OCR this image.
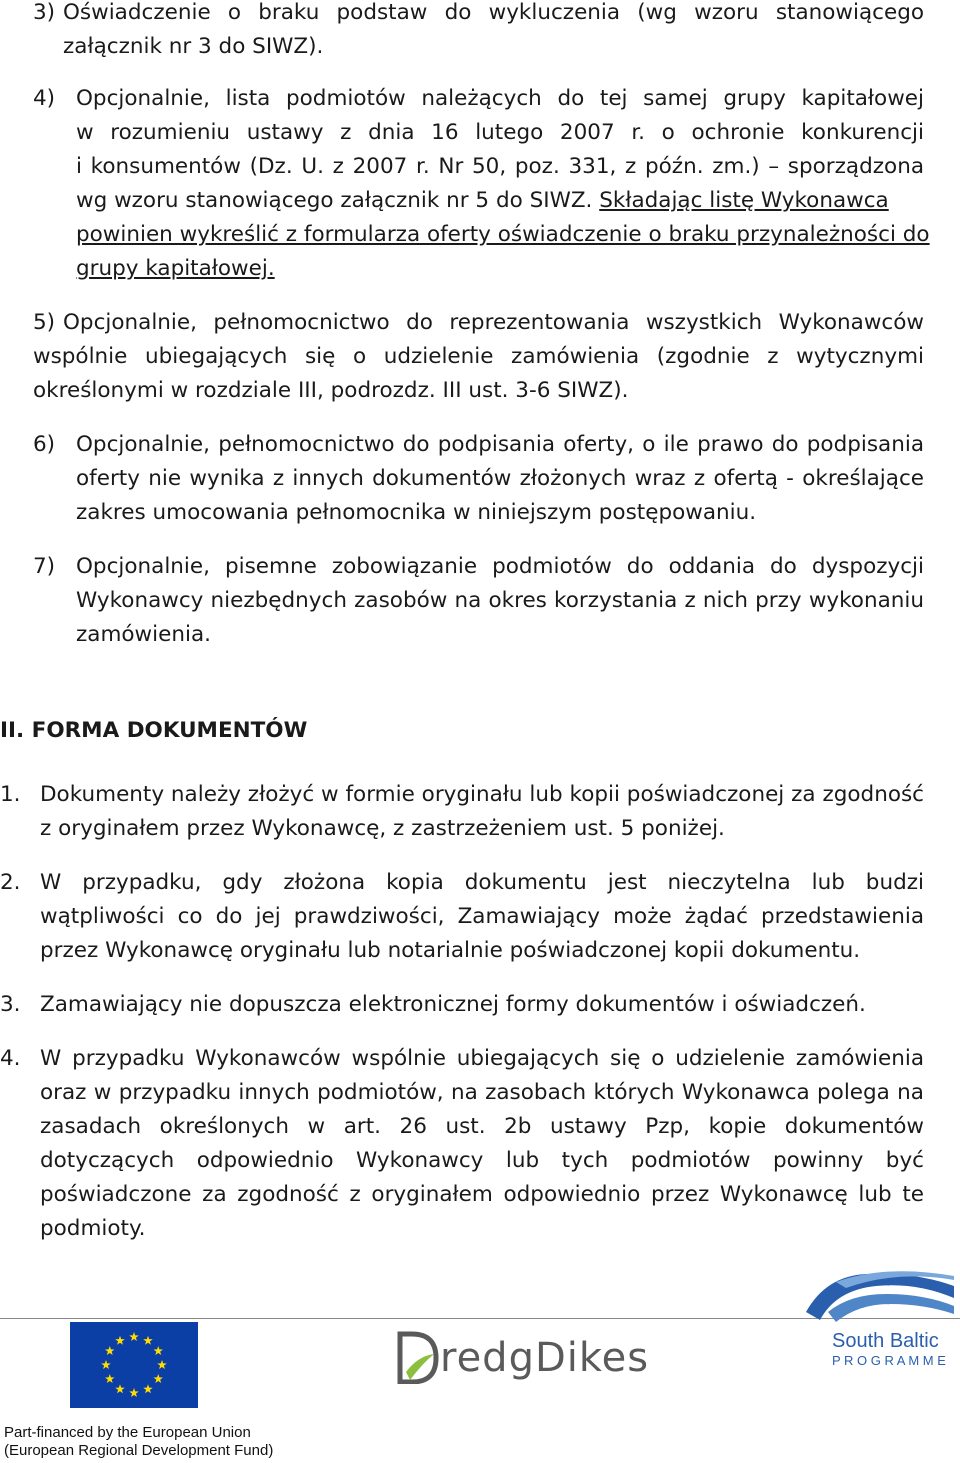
3) Oświadczenie o braku podstaw do wykluczenia (wg wzoru stanowiącego
załącznik nr 3 do SIWZ).
4) Opcjonalnie, lista podmiotów należących do tej samej grupy kapitałowej
w rozumieniu ustawy z dnia 16 lutego 2007 r. o ochronie konkurencji
i konsumentów (Dz. U. z 2007 r. Nr 50, poz. 331, z późn. zm.) – sporządzona
wg wzoru stanowiącego załącznik nr 5 do SIWZ. Składając listę Wykonawca
powinien wykreślić z formularza oferty oświadczenie o braku przynależności do
grupy kapitałowej.
5) Opcjonalnie, pełnomocnictwo do reprezentowania wszystkich Wykonawców
wspólnie ubiegających się o udzielenie zamówienia (zgodnie z wytycznymi
określonymi w rozdziale III, podrozdz. III ust. 3-6 SIWZ).
6) Opcjonalnie, pełnomocnictwo do podpisania oferty, o ile prawo do podpisania
oferty nie wynika z innych dokumentów złożonych wraz z ofertą - określające
zakres umocowania pełnomocnika w niniejszym postępowaniu.
7) Opcjonalnie, pisemne zobowiązanie podmiotów do oddania do dyspozycji
Wykonawcy niezbędnych zasobów na okres korzystania z nich przy wykonaniu
zamówienia.
II. FORMA DOKUMENTÓW
1. Dokumenty należy złożyć w formie oryginału lub kopii poświadczonej za zgodność
z oryginałem przez Wykonawcę, z zastrzeżeniem ust. 5 poniżej.
2. W przypadku, gdy złożona kopia dokumentu jest nieczytelna lub budzi
wątpliwości co do jej prawdziwości, Zamawiający może żądać przedstawienia
przez Wykonawcę oryginału lub notarialnie poświadczonej kopii dokumentu.
3. Zamawiający nie dopuszcza elektronicznej formy dokumentów i oświadczeń.
4. W przypadku Wykonawców wspólnie ubiegających się o udzielenie zamówienia
oraz w przypadku innych podmiotów, na zasobach których Wykonawca polega na
zasadach określonych w art. 26 ust. 2b ustawy Pzp, kopie dokumentów
dotyczących odpowiednio Wykonawcy lub tych podmiotów powinny być
poświadczone za zgodność z oryginałem odpowiednio przez Wykonawcę lub te
podmioty.
redgDikes	South Baltic
P R O G R A M M E
Part-financed by the European Union
(European Regional Development Fund)
